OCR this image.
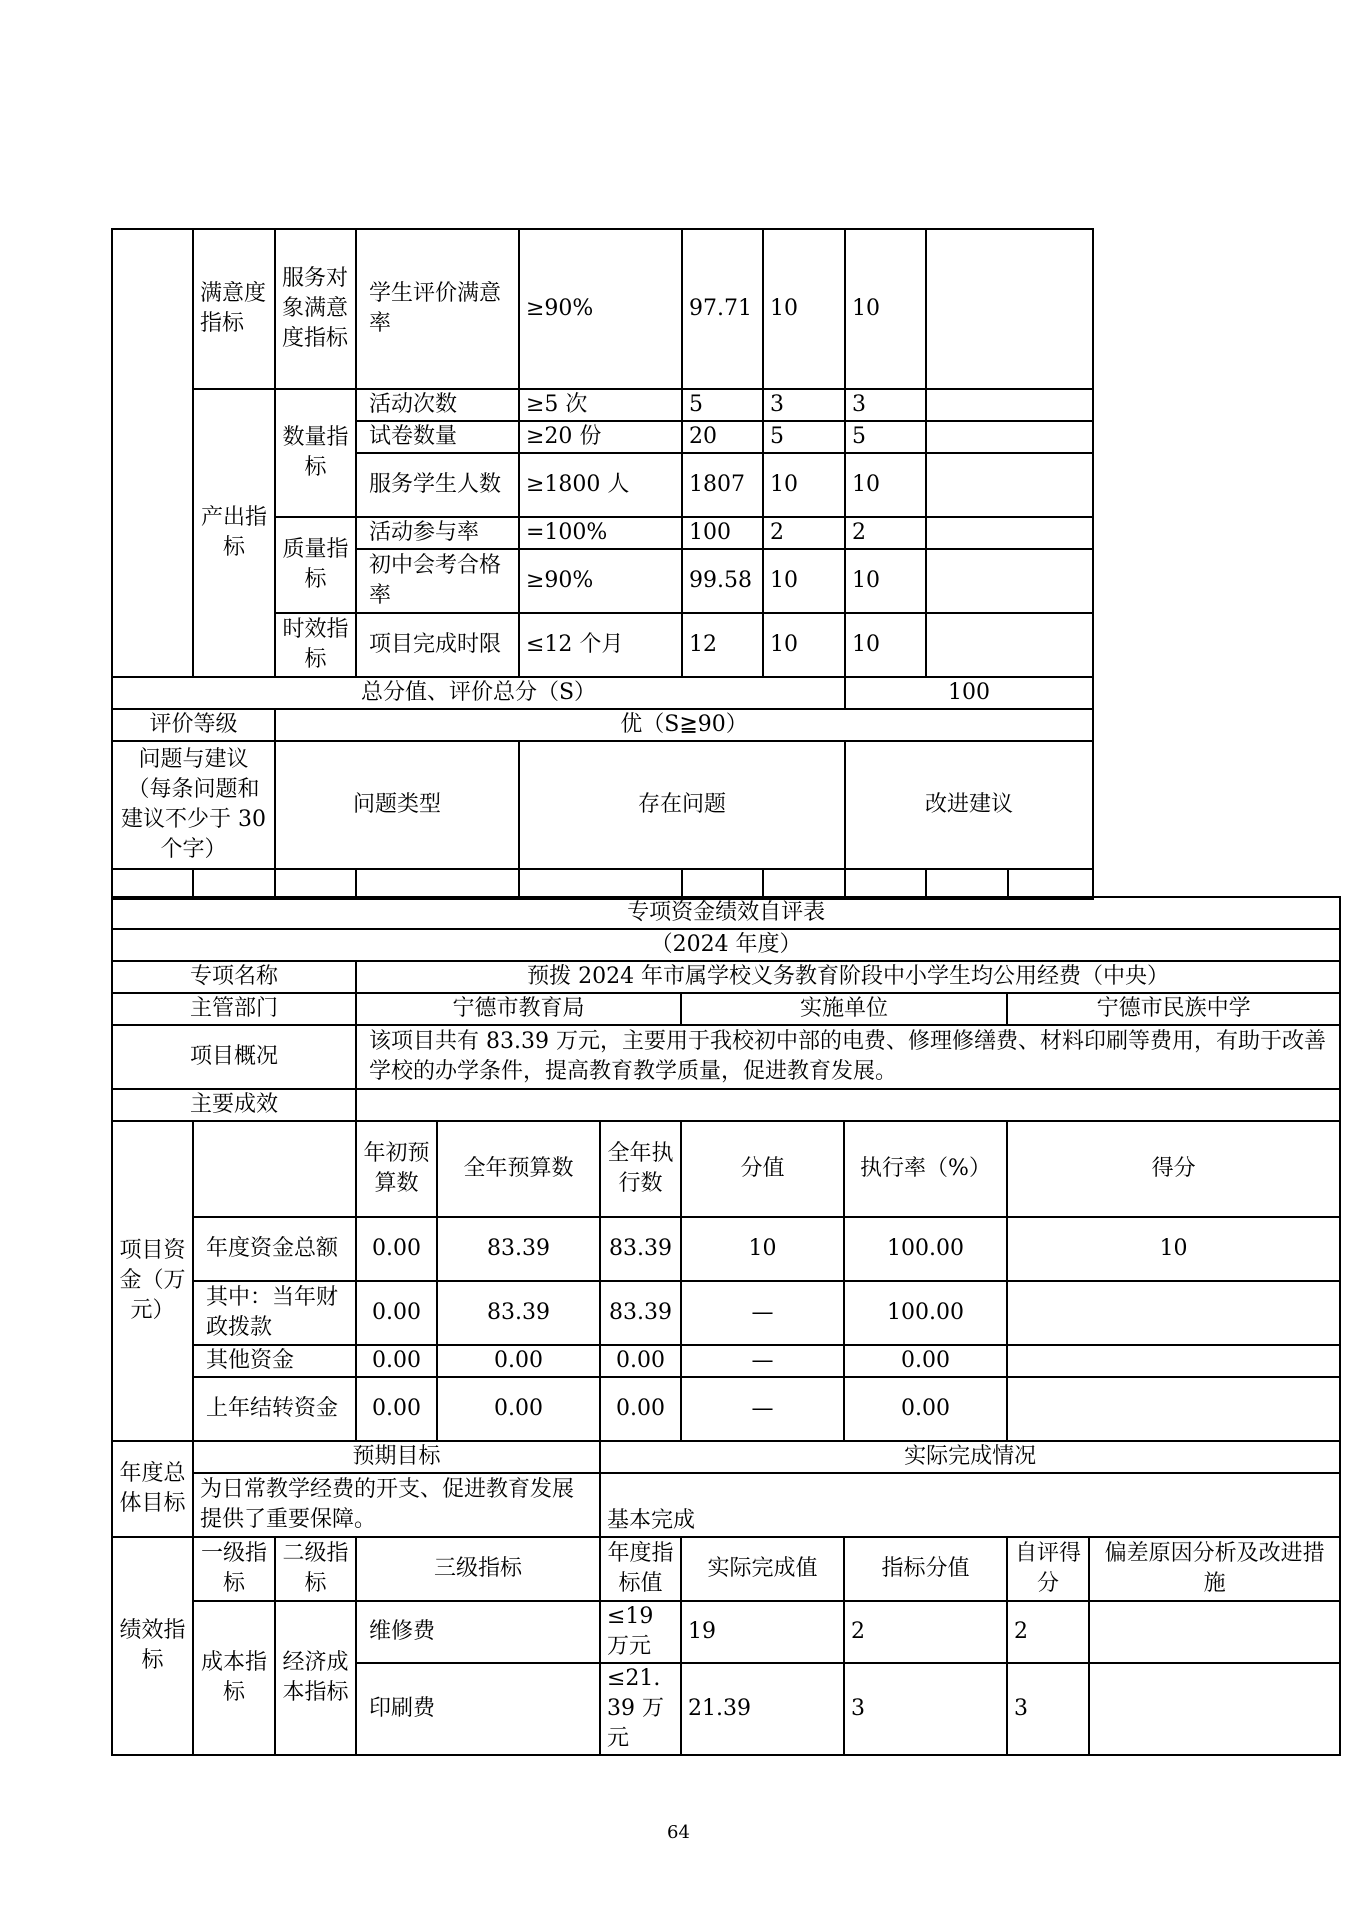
	满意度指标	服务对象满意度指标	学生评价满意率	≥90%	97.71	10	10		
	产出指标	数量指标	活动次数	≥5 次	5	3	3		
			试卷数量	≥20 份	20	5	5		
			服务学生人数	≥1800 人	1807	10	10		
		质量指标	活动参与率	=100%	100	2	2		
			初中会考合格率	≥90%	99.58	10	10		
		时效指标	项目完成时限	≤12 个月	12	10	10		

总分值、评价总分（S）							100		
评价等级		优（S≧90）							
问题与建议（每条问题和建议不少于 30 个字）		问题类型		存在问题			改进建议		

专项资金绩效自评表									
（2024 年度）									
专项名称			预拨 2024 年市属学校义务教育阶段中小学生均公用经费（中央）						
主管部门			宁德市教育局			实施单位		宁德市民族中学	
项目概况			该项目共有 83.39 万元，主要用于我校初中部的电费、修理修缮费、材料印刷等费用，有助于改善学校的办学条件，提高教育教学质量，促进教育发展。						
主要成效									
项目资金（万元）			年初预算数	全年预算数	全年执行数	分值	执行率（%）	得分	
	年度资金总额		0.00	83.39	83.39	10	100.00	10	
	其中：当年财政拨款		0.00	83.39	83.39	—	100.00		
	其他资金		0.00	0.00	0.00	—	0.00		
	上年结转资金		0.00	0.00	0.00	—	0.00		
年度总体目标	预期目标				实际完成情况				
	为日常教学经费的开支、促进教育发展提供了重要保障。				基本完成				
绩效指标	一级指标	二级指标	三级指标		年度指标值	实际完成值	指标分值	自评得分	偏差原因分析及改进措施
	成本指标	经济成本指标	维修费		≤19 万元	19	2	2	
			印刷费		≤21.39 万元	21.39	3	3	
64
